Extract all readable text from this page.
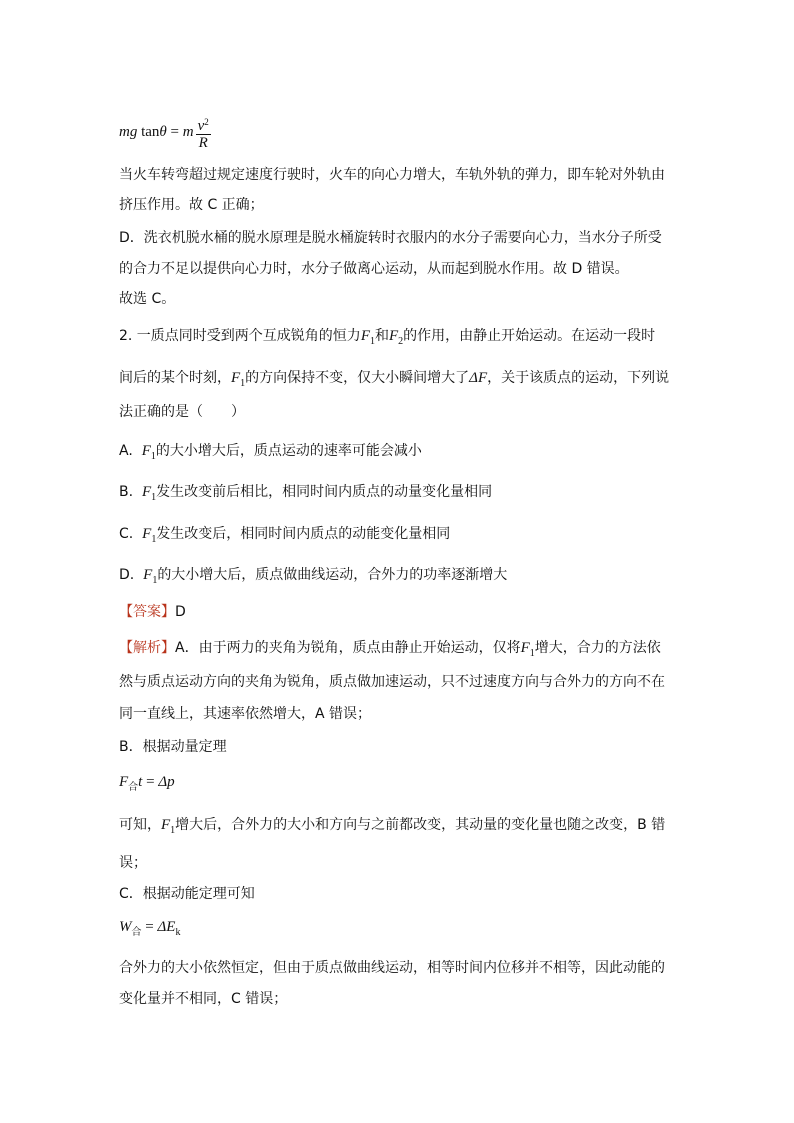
mg tanθ = m $\frac{v^2}{R}$
当火车转弯超过规定速度行驶时，火车的向心力增大，车轨外轨的弹力，即车轮对外轨由
挤压作用。故 C 正确；
D．洗衣机脱水桶的脱水原理是脱水桶旋转时衣服内的水分子需要向心力，当水分子所受
的合力不足以提供向心力时，水分子做离心运动，从而起到脱水作用。故 D 错误。
故选 C。
2. 一质点同时受到两个互成锐角的恒力$F_1$和$F_2$的作用，由静止开始运动。在运动一段时
间后的某个时刻，$F_1$的方向保持不变，仅大小瞬间增大了ΔF，关于该质点的运动，下列说
法正确的是（　　）
A. $F_1$的大小增大后，质点运动的速率可能会减小
B. $F_1$发生改变前后相比，相同时间内质点的动量变化量相同
C. $F_1$发生改变后，相同时间内质点的动能变化量相同
D. $F_1$的大小增大后，质点做曲线运动，合外力的功率逐渐增大
【答案】D
【解析】A．由于两力的夹角为锐角，质点由静止开始运动，仅将$F_1$增大，合力的方法依
然与质点运动方向的夹角为锐角，质点做加速运动，只不过速度方向与合外力的方向不在
同一直线上，其速率依然增大，A 错误；
B．根据动量定理
$F_合t = \Delta p$
可知，$F_1$增大后，合外力的大小和方向与之前都改变，其动量的变化量也随之改变，B 错
误；
C．根据动能定理可知
$W_合 = \Delta E_k$
合外力的大小依然恒定，但由于质点做曲线运动，相等时间内位移并不相等，因此动能的
变化量并不相同，C 错误；
